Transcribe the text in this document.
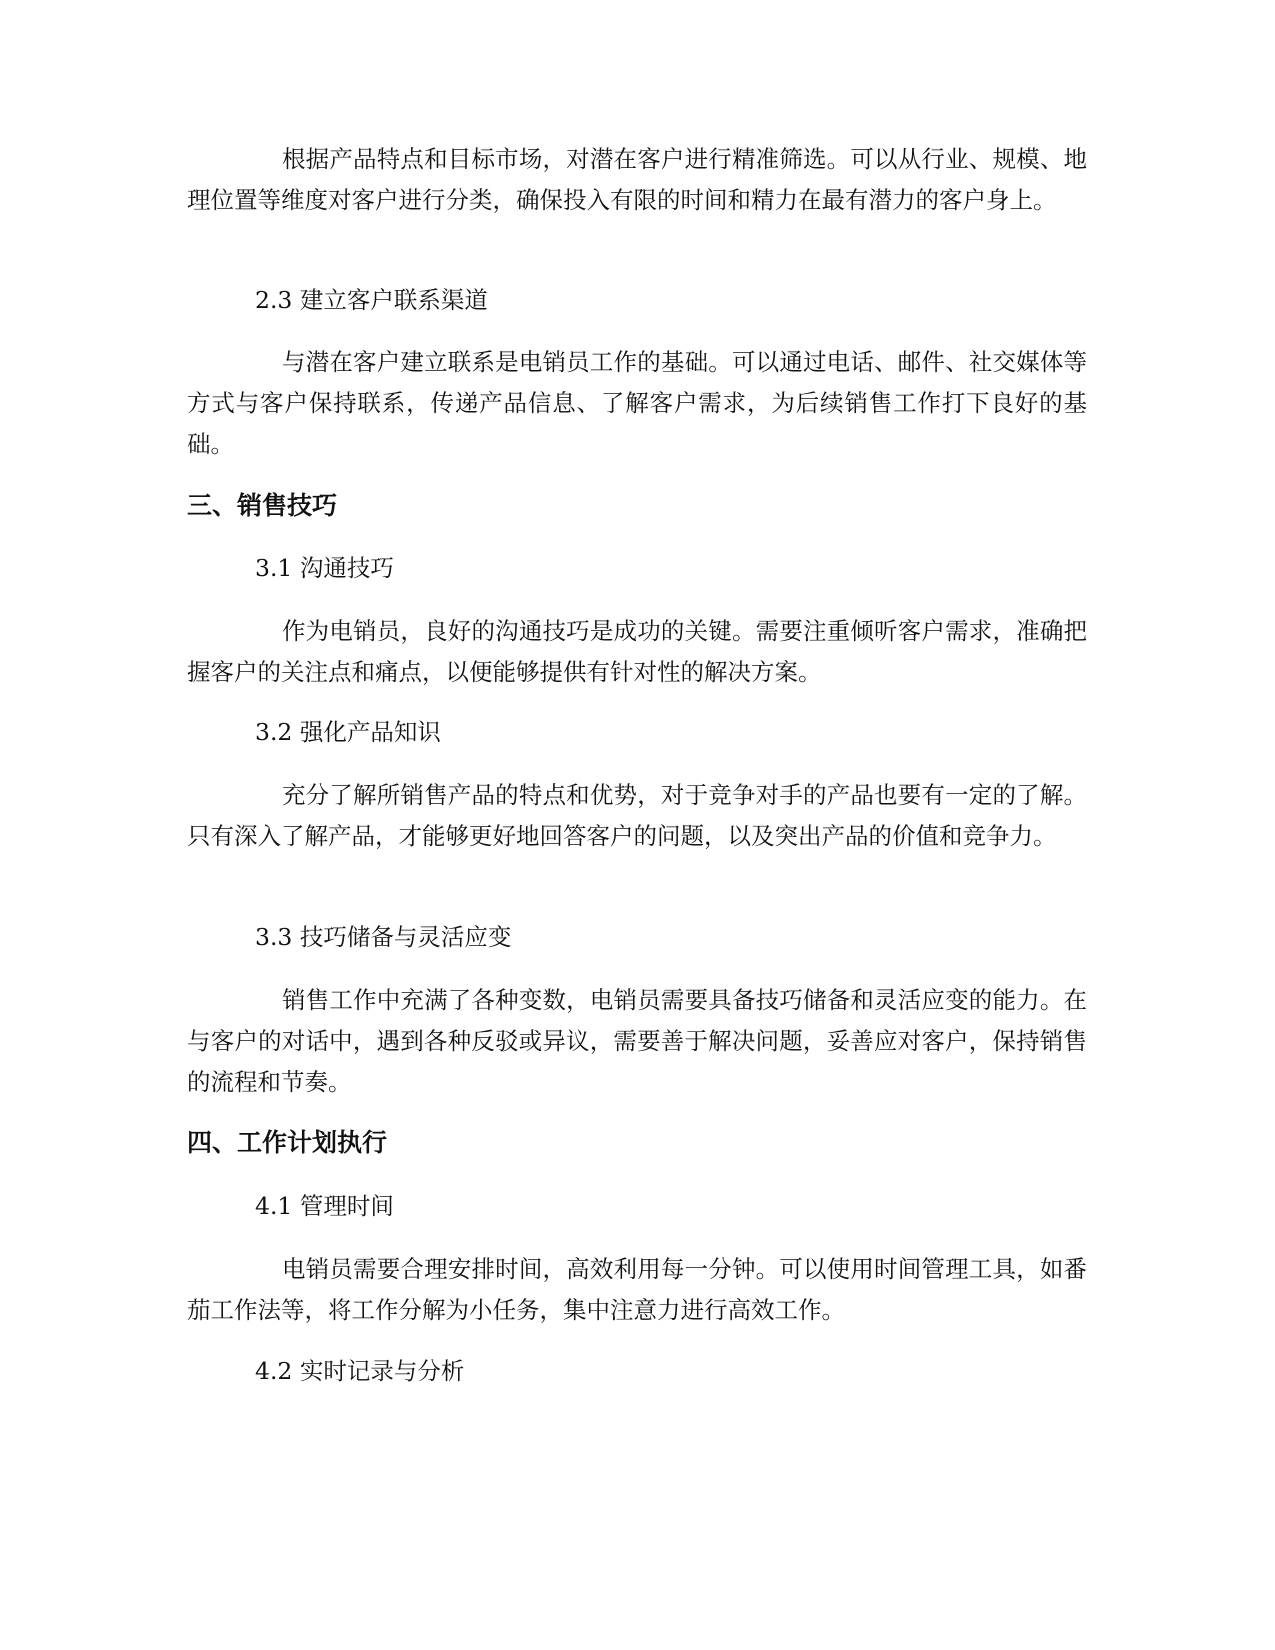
根据产品特点和目标市场，对潜在客户进行精准筛选。可以从行业、规模、地理位置等维度对客户进行分类，确保投入有限的时间和精力在最有潜力的客户身上。

2.3 建立客户联系渠道

与潜在客户建立联系是电销员工作的基础。可以通过电话、邮件、社交媒体等方式与客户保持联系，传递产品信息、了解客户需求，为后续销售工作打下良好的基础。

三、销售技巧

3.1 沟通技巧

作为电销员，良好的沟通技巧是成功的关键。需要注重倾听客户需求，准确把握客户的关注点和痛点，以便能够提供有针对性的解决方案。

3.2 强化产品知识

充分了解所销售产品的特点和优势，对于竞争对手的产品也要有一定的了解。只有深入了解产品，才能够更好地回答客户的问题，以及突出产品的价值和竞争力。

3.3 技巧储备与灵活应变

销售工作中充满了各种变数，电销员需要具备技巧储备和灵活应变的能力。在与客户的对话中，遇到各种反驳或异议，需要善于解决问题，妥善应对客户，保持销售的流程和节奏。

四、工作计划执行

4.1 管理时间

电销员需要合理安排时间，高效利用每一分钟。可以使用时间管理工具，如番茄工作法等，将工作分解为小任务，集中注意力进行高效工作。

4.2 实时记录与分析
